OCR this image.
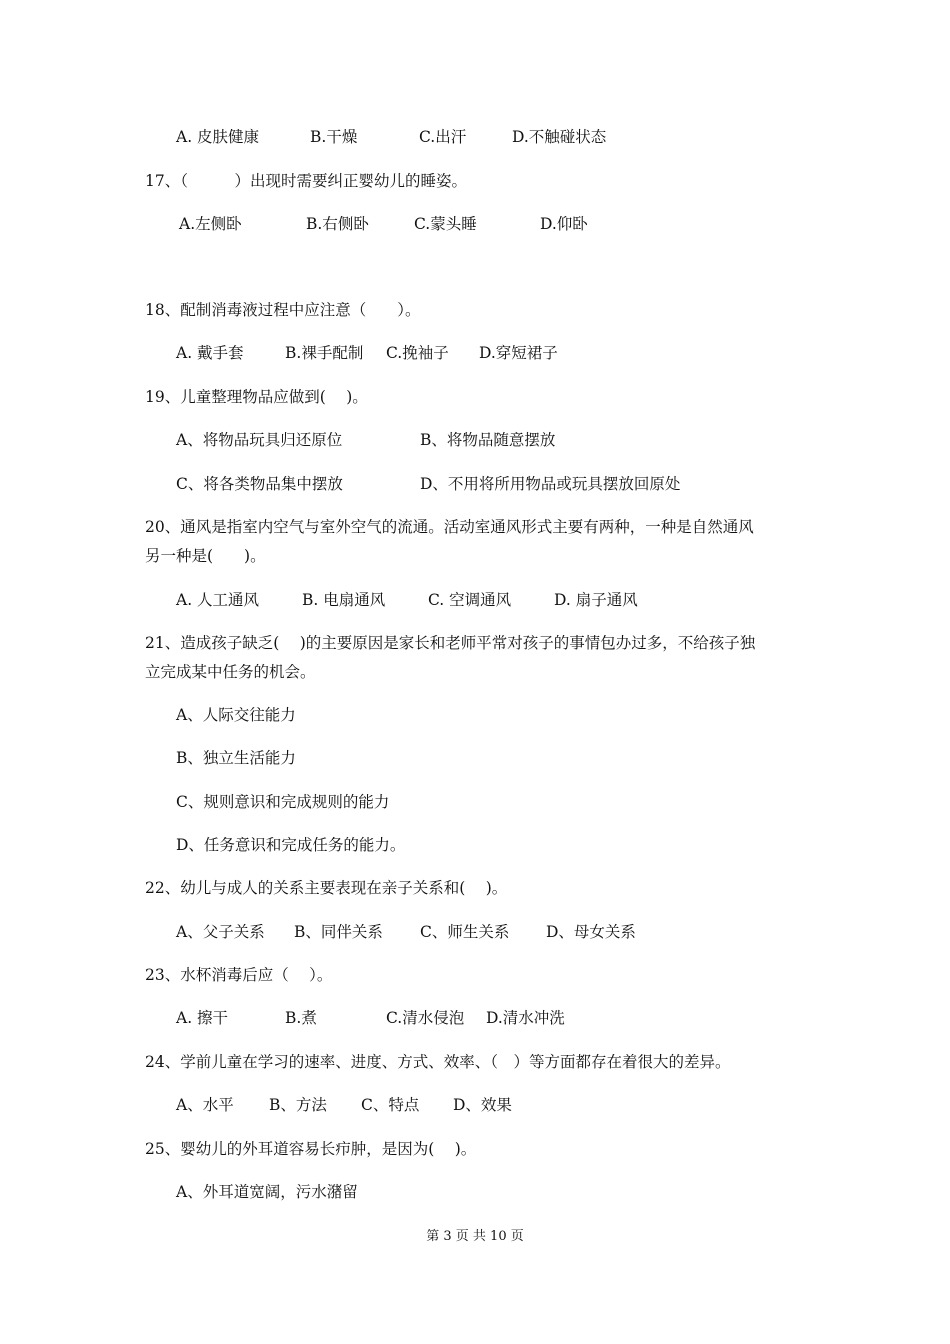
A. 皮肤健康	B.干燥	C.出汗	D.不触碰状态
17、（　　　）出现时需要纠正婴幼儿的睡姿。
A.左侧卧	B.右侧卧	C.蒙头睡	D.仰卧
18、配制消毒液过程中应注意（　　）。
A. 戴手套	B.裸手配制 C.挽袖子 D.穿短裙子
19、儿童整理物品应做到(　 )。
A、将物品玩具归还原位	B、将物品随意摆放
C、将各类物品集中摆放	D、不用将所用物品或玩具摆放回原处
20、通风是指室内空气与室外空气的流通。活动室通风形式主要有两种，一种是自然通风
另一种是(　　)。
A. 人工通风	B. 电扇通风	C. 空调通风	D. 扇子通风
21、造成孩子缺乏(　 )的主要原因是家长和老师平常对孩子的事情包办过多，不给孩子独
立完成某中任务的机会。
A、人际交往能力
B、独立生活能力
C、规则意识和完成规则的能力
D、任务意识和完成任务的能力。
22、幼儿与成人的关系主要表现在亲子关系和(　 )。
A、父子关系 B、同伴关系 C、师生关系 D、母女关系
23、水杯消毒后应（　 ）。
A. 擦干	B.煮	C.清水侵泡 D.清水冲洗
24、学前儿童在学习的速率、进度、方式、效率、（　）等方面都存在着很大的差异。
A、水平 B、方法 C、特点 D、效果
25、婴幼儿的外耳道容易长疖肿，是因为(　 )。
A、外耳道宽阔，污水潴留
第 3 页 共 10 页
